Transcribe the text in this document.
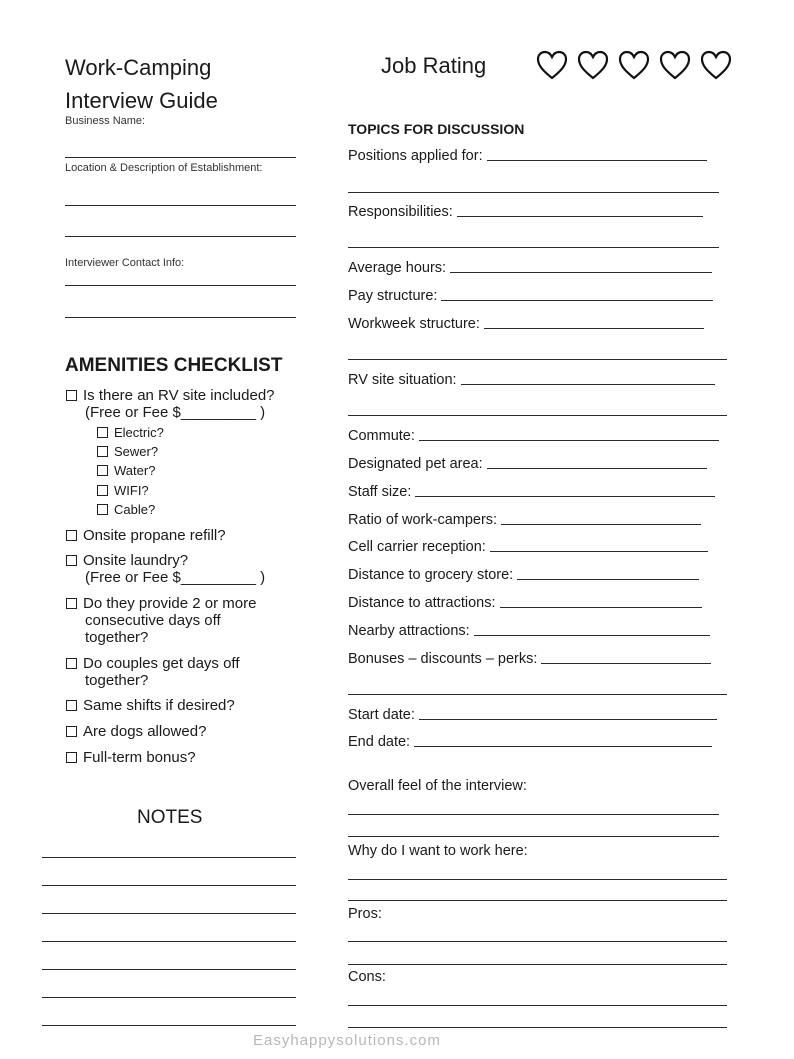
Work-Camping
Interview Guide
Job Rating
Business Name:
Location & Description of Establishment:
Interviewer Contact Info:
AMENITIES CHECKLIST
Is there an RV site included?
(Free or Fee $_________ )
Electric?
Sewer?
Water?
WIFI?
Cable?
Onsite propane refill?
Onsite laundry?
(Free or Fee $_________ )
Do they provide 2 or more
consecutive days off
together?
Do couples get days off
together?
Same shifts if desired?
Are dogs allowed?
Full-term bonus?
NOTES
TOPICS FOR DISCUSSION
Positions applied for:
Responsibilities:
Average hours:
Pay structure:
Workweek structure:
RV site situation:
Commute:
Designated pet area:
Staff size:
Ratio of work-campers:
Cell carrier reception:
Distance to grocery store:
Distance to attractions:
Nearby attractions:
Bonuses – discounts – perks:
Start date:
End date:
Overall feel of the interview:
Why do I want to work here:
Pros:
Cons:
Easyhappysolutions.com
